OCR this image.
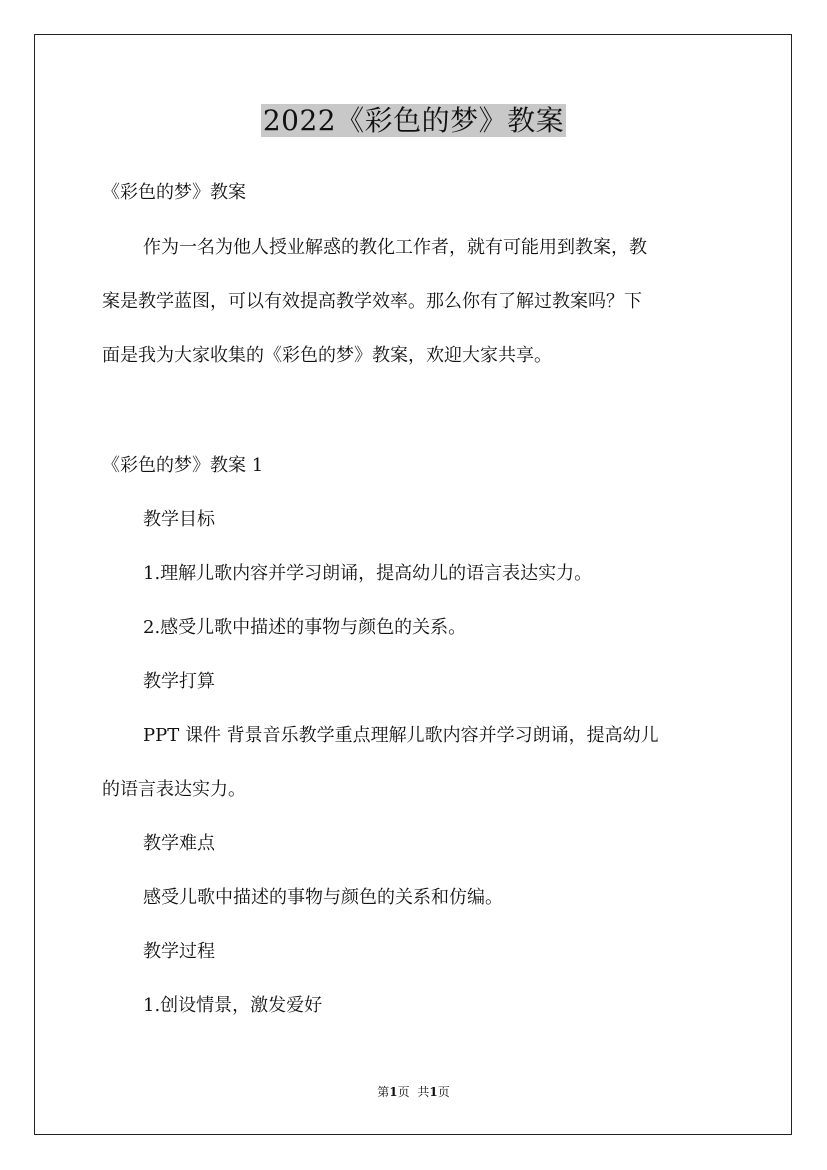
2022《彩色的梦》教案
《彩色的梦》教案
作为一名为他人授业解惑的教化工作者，就有可能用到教案，教
案是教学蓝图，可以有效提高教学效率。那么你有了解过教案吗？下
面是我为大家收集的《彩色的梦》教案，欢迎大家共享。
《彩色的梦》教案 1
教学目标
1.理解儿歌内容并学习朗诵，提高幼儿的语言表达实力。
2.感受儿歌中描述的事物与颜色的关系。
教学打算
PPT 课件 背景音乐教学重点理解儿歌内容并学习朗诵，提高幼儿
的语言表达实力。
教学难点
感受儿歌中描述的事物与颜色的关系和仿编。
教学过程
1.创设情景，激发爱好
第1页 共1页
